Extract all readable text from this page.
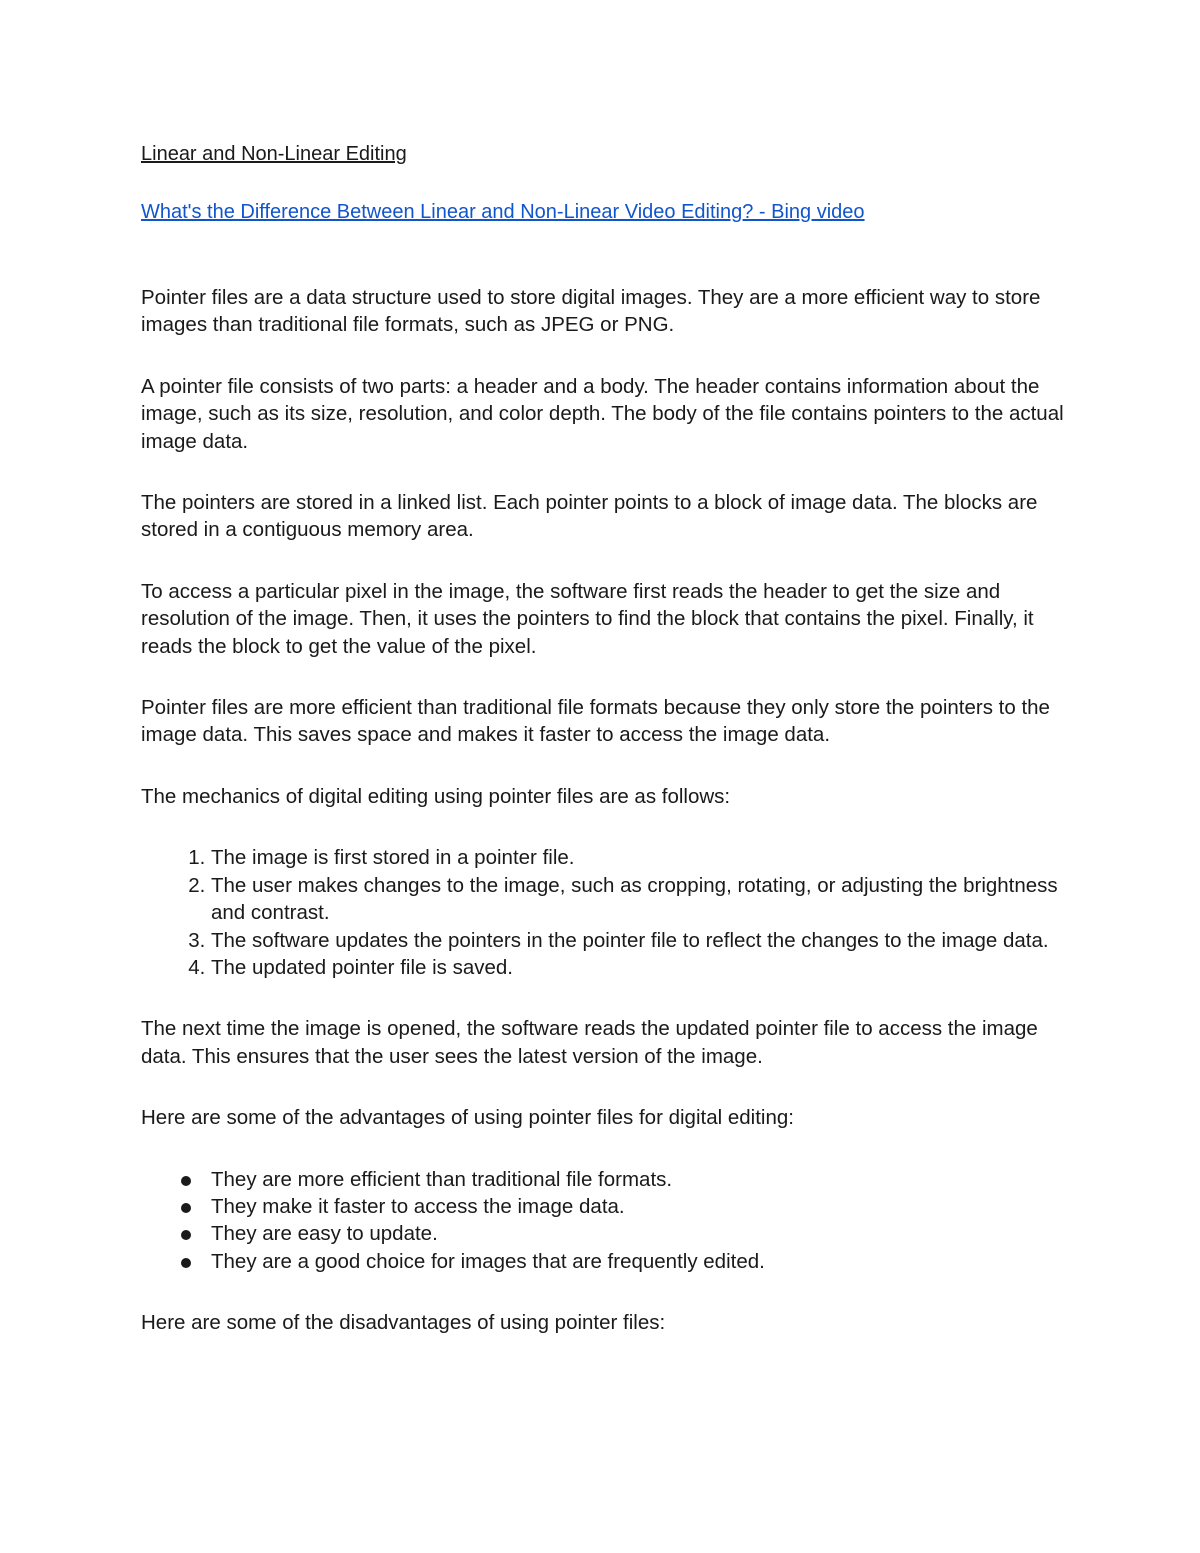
Linear and Non-Linear Editing
What's the Difference Between Linear and Non-Linear Video Editing? - Bing video

Pointer files are a data structure used to store digital images. They are a more efficient way to store images than traditional file formats, such as JPEG or PNG.

A pointer file consists of two parts: a header and a body. The header contains information about the image, such as its size, resolution, and color depth. The body of the file contains pointers to the actual image data.

The pointers are stored in a linked list. Each pointer points to a block of image data. The blocks are stored in a contiguous memory area.

To access a particular pixel in the image, the software first reads the header to get the size and resolution of the image. Then, it uses the pointers to find the block that contains the pixel. Finally, it reads the block to get the value of the pixel.

Pointer files are more efficient than traditional file formats because they only store the pointers to the image data. This saves space and makes it faster to access the image data.

The mechanics of digital editing using pointer files are as follows:

1. The image is first stored in a pointer file.
2. The user makes changes to the image, such as cropping, rotating, or adjusting the brightness and contrast.
3. The software updates the pointers in the pointer file to reflect the changes to the image data.
4. The updated pointer file is saved.

The next time the image is opened, the software reads the updated pointer file to access the image data. This ensures that the user sees the latest version of the image.

Here are some of the advantages of using pointer files for digital editing:

They are more efficient than traditional file formats.
They make it faster to access the image data.
They are easy to update.
They are a good choice for images that are frequently edited.

Here are some of the disadvantages of using pointer files:
